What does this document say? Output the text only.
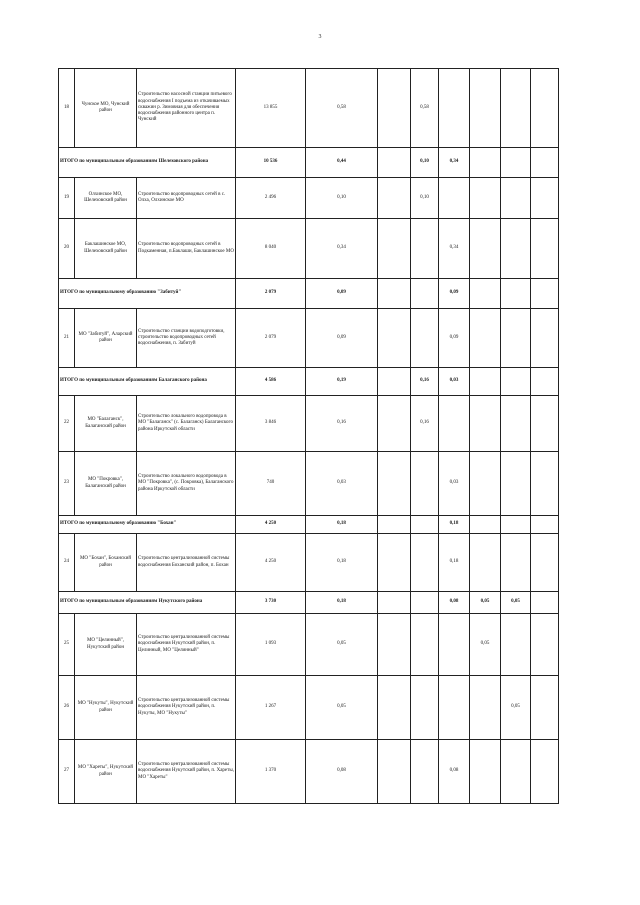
3
18	Чунское МО, Чунский район	Строительство насосной станции питьевого водоснабжения I подъема из откачиваемых скважин р. Зимовная для обеспечения водоснабжения районного центра п. Чунский	13 855	0,58		0,58				
ИТОГО по муниципальным образованиям Шелеховского района			10 536	0,44		0,10	0,34			
19	Олхинское МО, Шелеховский район	Строительство водопроводных сетей в с. Олха, Олхинское МО	2 496	0,10		0,10				
20	Баклашинское МО, Шелеховский район	Строительство водопроводных сетей в Подкаменная, п.Баклаши, Баклашинское МО	8 040	0,34			0,34			
ИТОГО по муниципальному образованию "Забитуй"			2 079	0,09			0,09			
21	МО "Забитуй", Аларский район	Строительство станции водоподготовки, строительство водопроводных сетей водоснабжения, п. Забитуй	2 079	0,09			0,09			
ИТОГО по муниципальным образованиям Балаганского района			4 586	0,19		0,16	0,03			
22	МО "Балаганск", Балаганский район	Строительство локального водопровода в МО "Балаганск" (с. Балаганск) Балаганского района Иркутской области	3 846	0,16		0,16				
23	МО "Покровка", Балаганский район	Строительство локального водопровода в МО "Покровка", (с. Покровка), Балаганского района Иркутской области	740	0,03			0,03			
ИТОГО по муниципальному образованию "Бохан"			4 250	0,18			0,18			
24	МО "Бохан", Боханский район	Строительство централизованной системы водоснабжения Боханский район, п. Бохан	4 250	0,18			0,18			
ИТОГО по муниципальным образованиям Нукутского района			3 730	0,18			0,08	0,05	0,05	
25	МО "Целинный", Нукутский район	Строительство централизованной системы водоснабжения Нукутский район, п. Целинный, МО "Целинный"	1 093	0,05				0,05		
26	МО "Нукуты", Нукутский район	Строительство централизованной системы водоснабжения Нукутский район, п. Нукуты, МО "Нукуты"	1 267	0,05					0,05	
27	МО "Хареты", Нукутский район	Строительство централизованной системы водоснабжения Нукутский район, п. Хареты, МО "Хареты"	1 370	0,08			0,08			
